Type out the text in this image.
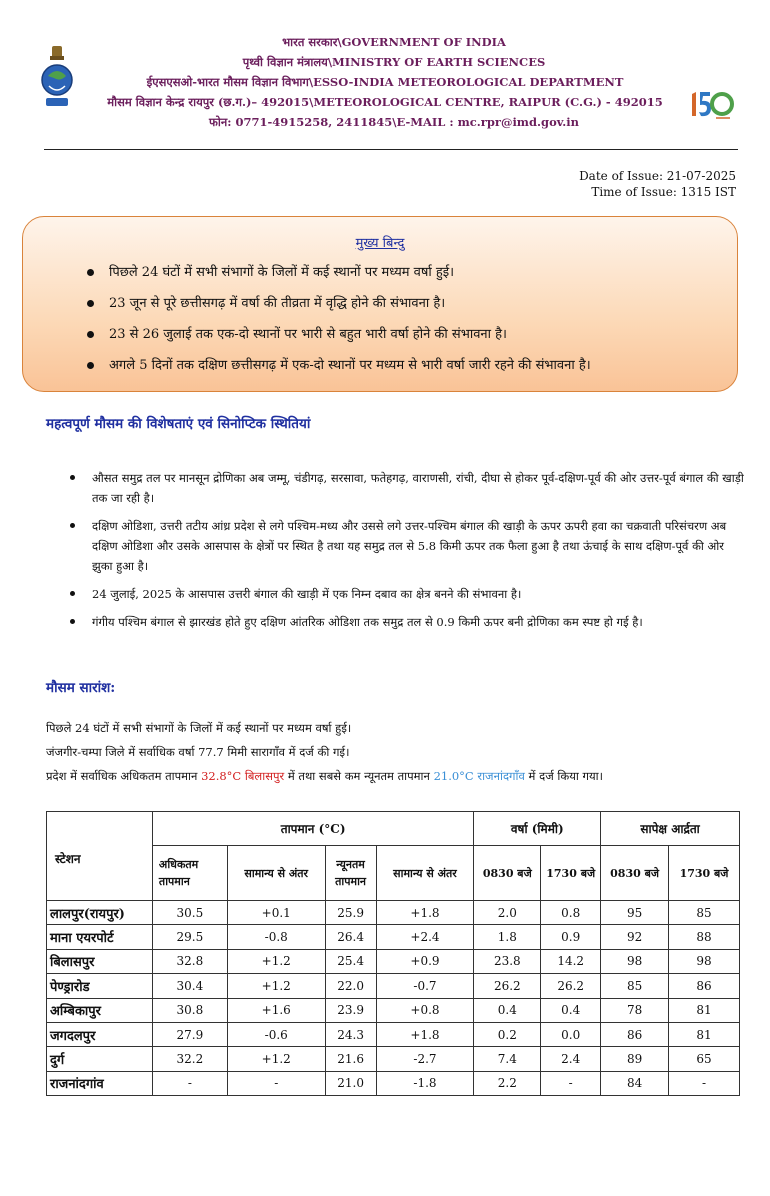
भारत सरकार\GOVERNMENT OF INDIA
पृथ्वी विज्ञान मंत्रालय\MINISTRY OF EARTH SCIENCES
ईएसएसओ-भारत मौसम विज्ञान विभाग\ESSO-INDIA METEOROLOGICAL DEPARTMENT
मौसम विज्ञान केन्द्र रायपुर (छ.ग.)– 492015\METEOROLOGICAL CENTRE, RAIPUR (C.G.) - 492015
फोन: 0771-4915258, 2411845\E-MAIL : mc.rpr@imd.gov.in
Date of Issue: 21-07-2025
Time of Issue: 1315 IST
मुख्य बिन्दु
पिछले 24 घंटों में सभी संभागों के जिलों में कई स्थानों पर मध्यम वर्षा हुई।
23 जून से पूरे छत्तीसगढ़ में वर्षा की तीव्रता में वृद्धि होने की संभावना है।
23 से 26 जुलाई तक एक-दो स्थानों पर भारी से बहुत भारी वर्षा होने की संभावना है।
अगले 5 दिनों तक दक्षिण छत्तीसगढ़ में एक-दो स्थानों पर मध्यम से भारी वर्षा जारी रहने की संभावना है।
महत्वपूर्ण मौसम की विशेषताएं एवं सिनोप्टिक स्थितियां
औसत समुद्र तल पर मानसून द्रोणिका अब जम्मू, चंडीगढ़, सरसावा, फतेहगढ़, वाराणसी, रांची, दीघा से होकर पूर्व-दक्षिण-पूर्व की ओर उत्तर-पूर्व बंगाल की खाड़ी तक जा रही है।
दक्षिण ओडिशा, उत्तरी तटीय आंध्र प्रदेश से लगे पश्चिम-मध्य और उससे लगे उत्तर-पश्चिम बंगाल की खाड़ी के ऊपर ऊपरी हवा का चक्रवाती परिसंचरण अब दक्षिण ओडिशा और उसके आसपास के क्षेत्रों पर स्थित है तथा यह समुद्र तल से 5.8 किमी ऊपर तक फैला हुआ है तथा ऊंचाई के साथ दक्षिण-पूर्व की ओर झुका हुआ है।
24 जुलाई, 2025 के आसपास उत्तरी बंगाल की खाड़ी में एक निम्न दबाव का क्षेत्र बनने की संभावना है।
गंगीय पश्चिम बंगाल से झारखंड होते हुए दक्षिण आंतरिक ओडिशा तक समुद्र तल से 0.9 किमी ऊपर बनी द्रोणिका कम स्पष्ट हो गई है।
मौसम सारांश:
पिछले 24 घंटों में सभी संभागों के जिलों में कई स्थानों पर मध्यम वर्षा हुई।
जंजगीर-चम्पा जिले में सर्वाधिक वर्षा 77.7 मिमी सारागाँव में दर्ज की गई।
प्रदेश में सर्वाधिक अधिकतम तापमान 32.8°C बिलासपुर में तथा सबसे कम न्यूनतम तापमान 21.0°C राजनांदगाँव में दर्ज किया गया।
स्टेशन	तापमान (°C)				वर्षा (मिमी)		सापेक्ष आर्द्रता	
	अधिकतम तापमान	सामान्य से अंतर	न्यूनतम तापमान	सामान्य से अंतर	0830 बजे	1730 बजे	0830 बजे	1730 बजे
लालपुर(रायपुर)	30.5	+0.1	25.9	+1.8	2.0	0.8	95	85
माना एयरपोर्ट	29.5	-0.8	26.4	+2.4	1.8	0.9	92	88
बिलासपुर	32.8	+1.2	25.4	+0.9	23.8	14.2	98	98
पेण्ड्रारोड	30.4	+1.2	22.0	-0.7	26.2	26.2	85	86
अम्बिकापुर	30.8	+1.6	23.9	+0.8	0.4	0.4	78	81
जगदलपुर	27.9	-0.6	24.3	+1.8	0.2	0.0	86	81
दुर्ग	32.2	+1.2	21.6	-2.7	7.4	2.4	89	65
राजनांदगांव	-	-	21.0	-1.8	2.2	-	84	-
